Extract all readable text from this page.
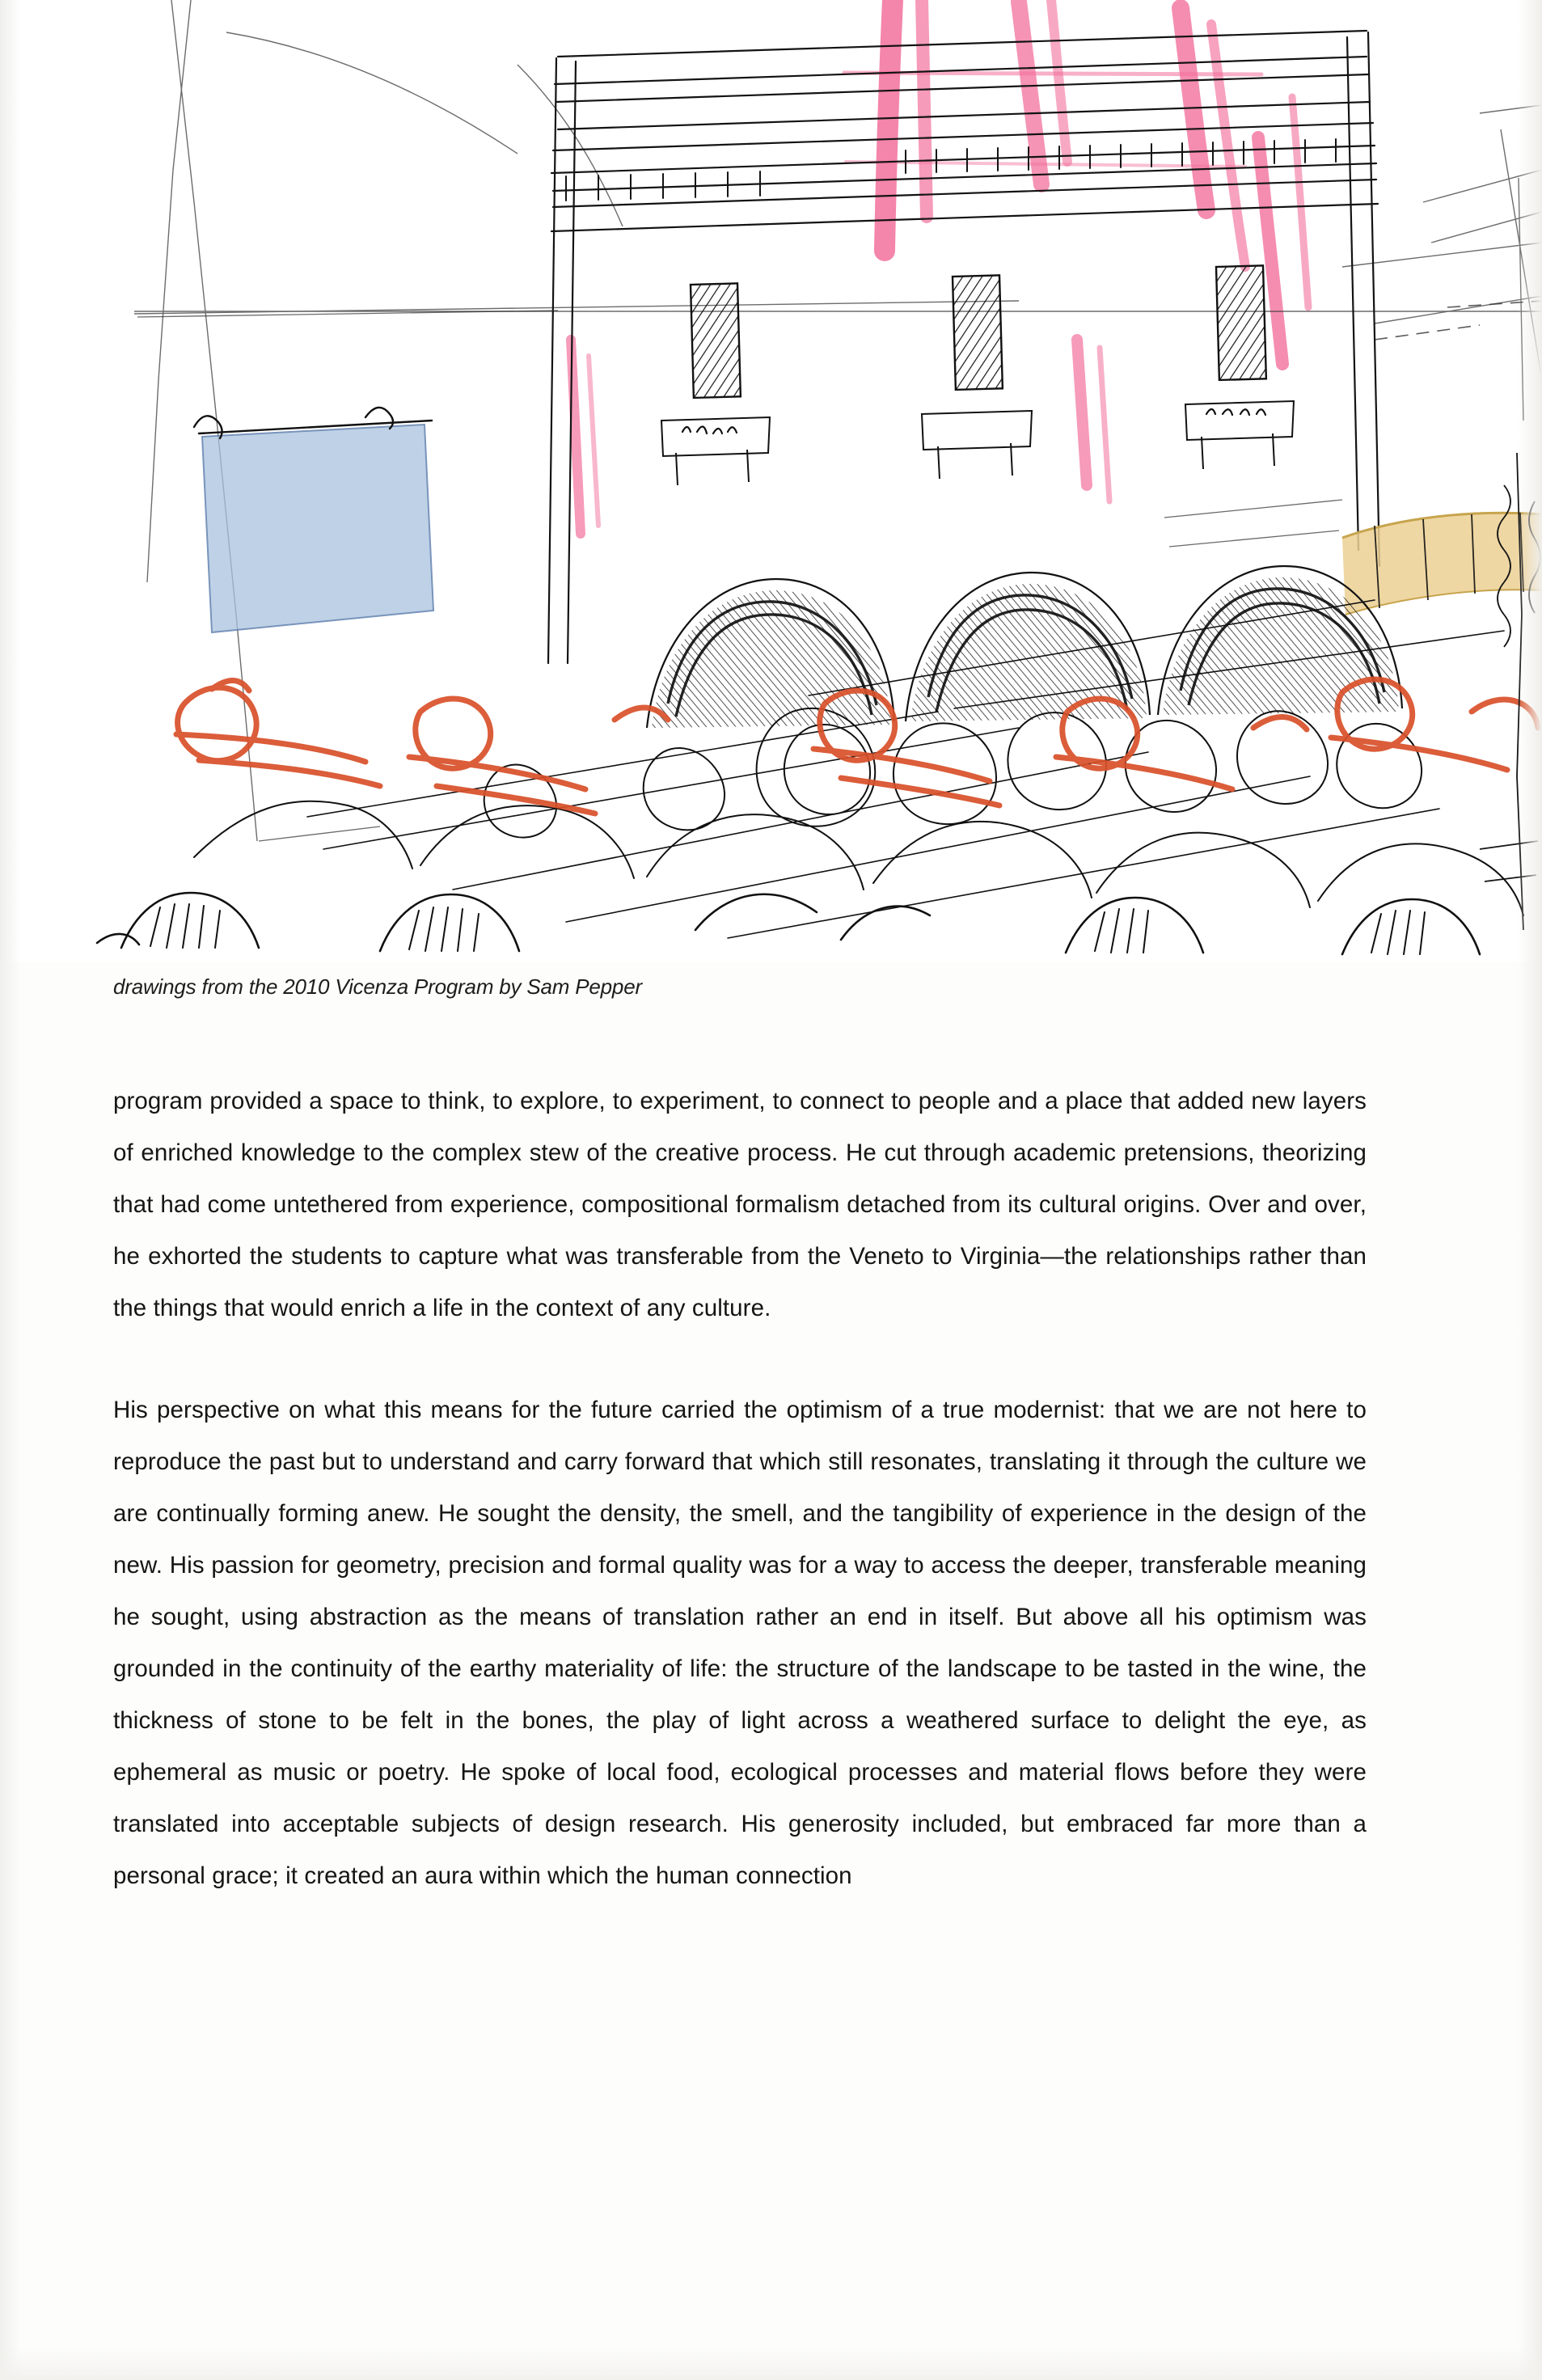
drawings from the 2010 Vicenza Program by Sam Pepper

program provided a space to think, to explore, to experiment, to connect to people and a place that added new layers of enriched knowledge to the complex stew of the creative process. He cut through academic pretensions, theorizing that had come untethered from experience, compositional formalism detached from its cultural origins. Over and over, he exhorted the students to capture what was transferable from the Veneto to Virginia—the relationships rather than the things that would enrich a life in the context of any culture.

His perspective on what this means for the future carried the optimism of a true modernist: that we are not here to reproduce the past but to understand and carry forward that which still resonates, translating it through the culture we are continually forming anew. He sought the density, the smell, and the tangibility of experience in the design of the new. His passion for geometry, precision and formal quality was for a way to access the deeper, transferable meaning he sought, using abstraction as the means of translation rather an end in itself. But above all his optimism was grounded in the continuity of the earthy materiality of life: the structure of the landscape to be tasted in the wine, the thickness of stone to be felt in the bones, the play of light across a weathered surface to delight the eye, as ephemeral as music or poetry. He spoke of local food, ecological processes and material flows before they were translated into acceptable subjects of design research. His generosity included, but embraced far more than a personal grace; it created an aura within which the human connection
